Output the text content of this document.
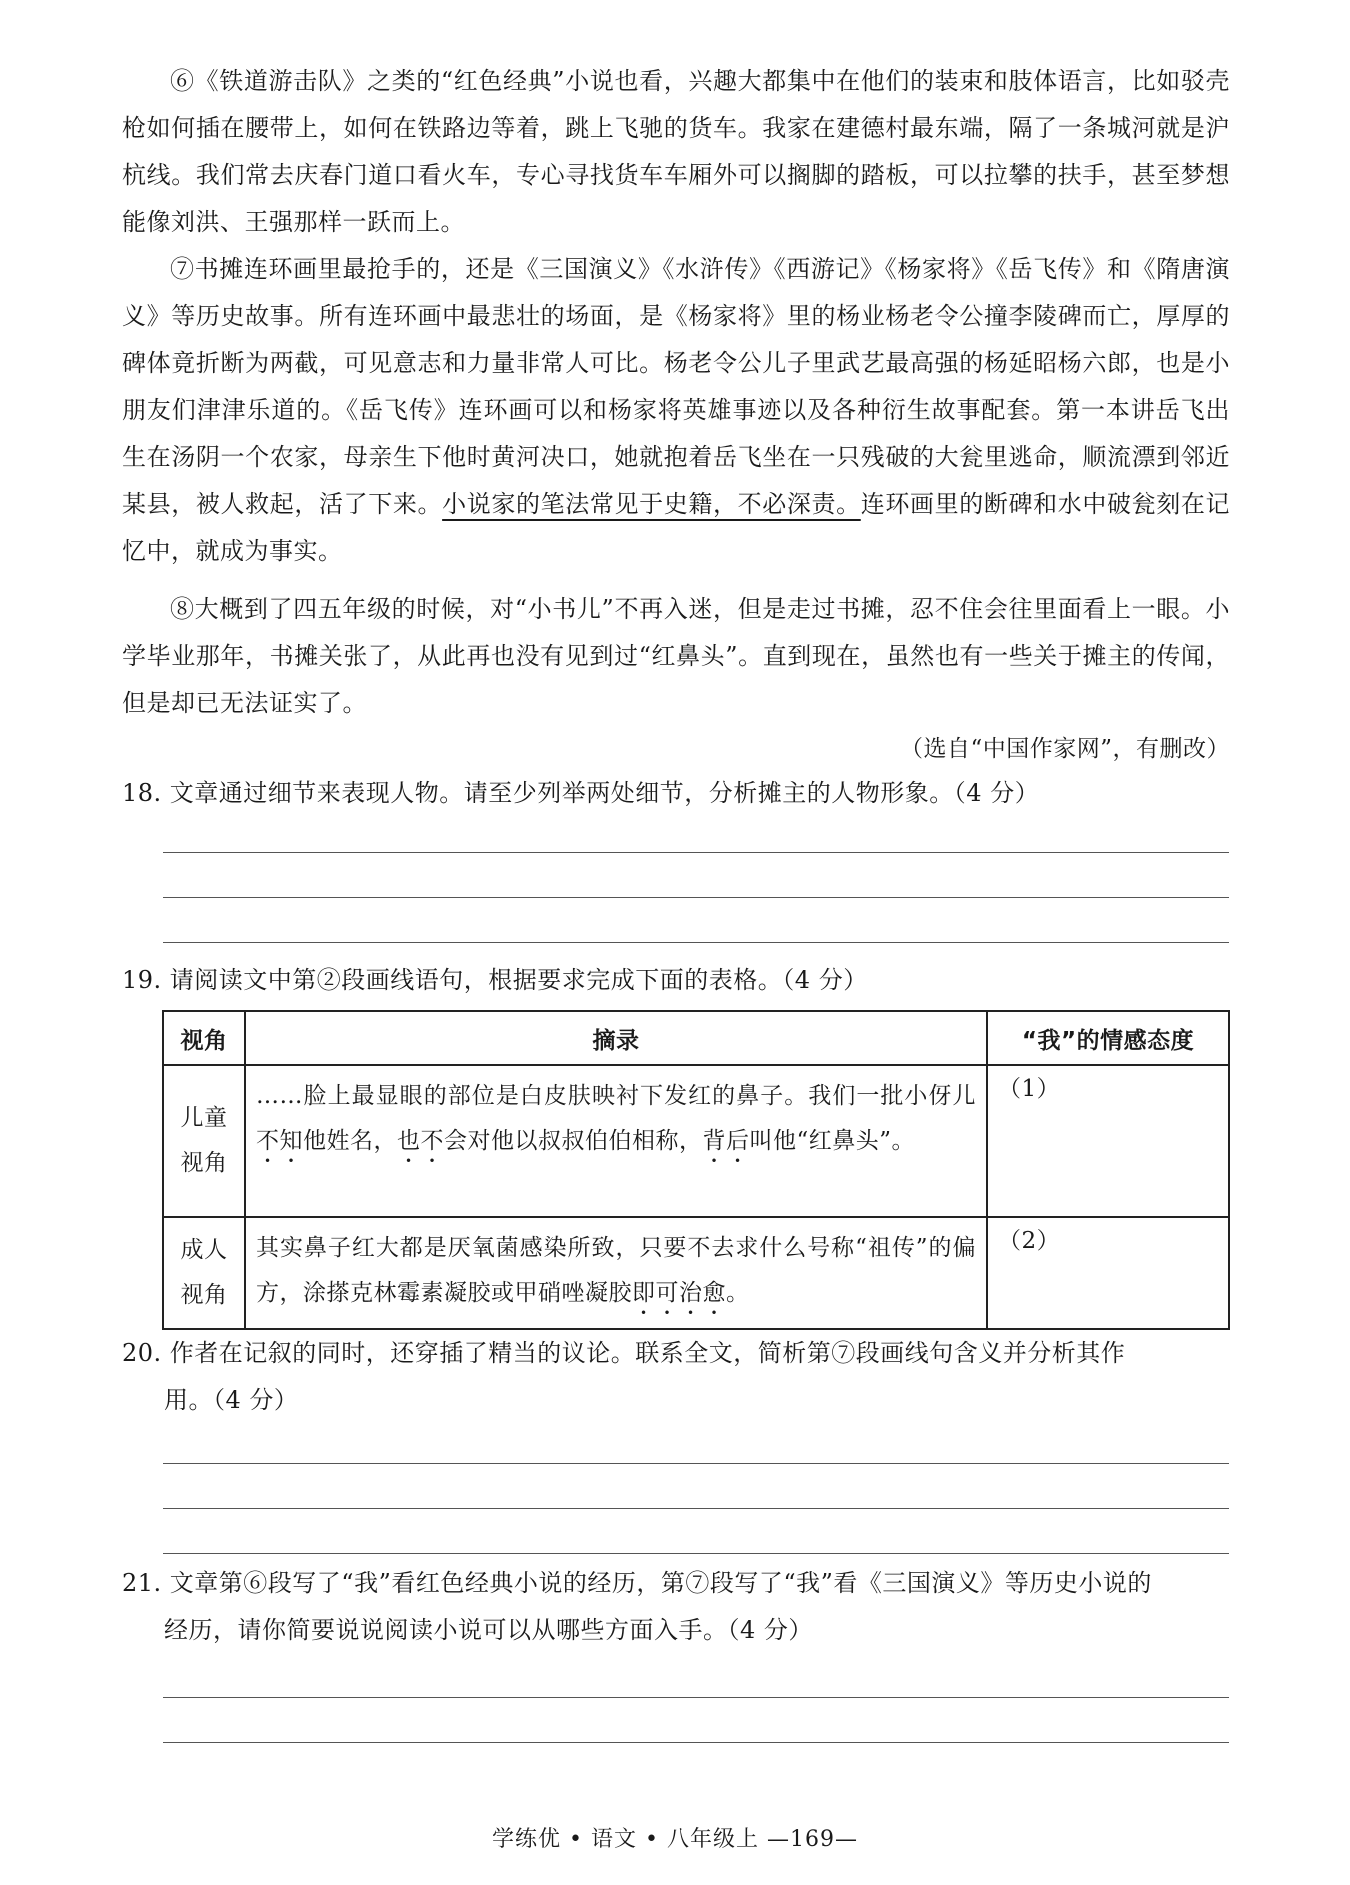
⑥《铁道游击队》之类的“红色经典”小说也看，兴趣大都集中在他们的装束和肢体语言，比如驳壳枪如何插在腰带上，如何在铁路边等着，跳上飞驰的货车。我家在建德村最东端，隔了一条城河就是沪杭线。我们常去庆春门道口看火车，专心寻找货车车厢外可以搁脚的踏板，可以拉攀的扶手，甚至梦想能像刘洪、王强那样一跃而上。

⑦书摊连环画里最抢手的，还是《三国演义》《水浒传》《西游记》《杨家将》《岳飞传》和《隋唐演义》等历史故事。所有连环画中最悲壮的场面，是《杨家将》里的杨业杨老令公撞李陵碑而亡，厚厚的碑体竟折断为两截，可见意志和力量非常人可比。杨老令公儿子里武艺最高强的杨延昭杨六郎，也是小朋友们津津乐道的。《岳飞传》连环画可以和杨家将英雄事迹以及各种衍生故事配套。第一本讲岳飞出生在汤阴一个农家，母亲生下他时黄河决口，她就抱着岳飞坐在一只残破的大瓮里逃命，顺流漂到邻近某县，被人救起，活了下来。小说家的笔法常见于史籍，不必深责。连环画里的断碑和水中破瓮刻在记忆中，就成为事实。

⑧大概到了四五年级的时候，对“小书儿”不再入迷，但是走过书摊，忍不住会往里面看上一眼。小学毕业那年，书摊关张了，从此再也没有见到过“红鼻头”。直到现在，虽然也有一些关于摊主的传闻，但是却已无法证实了。

（选自“中国作家网”，有删改）

18. 文章通过细节来表现人物。请至少列举两处细节，分析摊主的人物形象。（4 分）

19. 请阅读文中第②段画线语句，根据要求完成下面的表格。（4 分）

视角	摘录	“我”的情感态度
儿童
视角	……脸上最显眼的部位是白皮肤映衬下发红的鼻子。我们一批小伢儿不知他姓名，也不会对他以叔叔伯伯相称，背后叫他“红鼻头”。	（1）

成人
视角	其实鼻子红大都是厌氧菌感染所致，只要不去求什么号称“祖传”的偏方，涂搽克林霉素凝胶或甲硝唑凝胶即可治愈。	（2）

20. 作者在记叙的同时，还穿插了精当的议论。联系全文，简析第⑦段画线句含义并分析其作
用。（4 分）

21. 文章第⑥段写了“我”看红色经典小说的经历，第⑦段写了“我”看《三国演义》等历史小说的
经历，请你简要说说阅读小说可以从哪些方面入手。（4 分）

学练优 • 语文 • 八年级上 —169—
